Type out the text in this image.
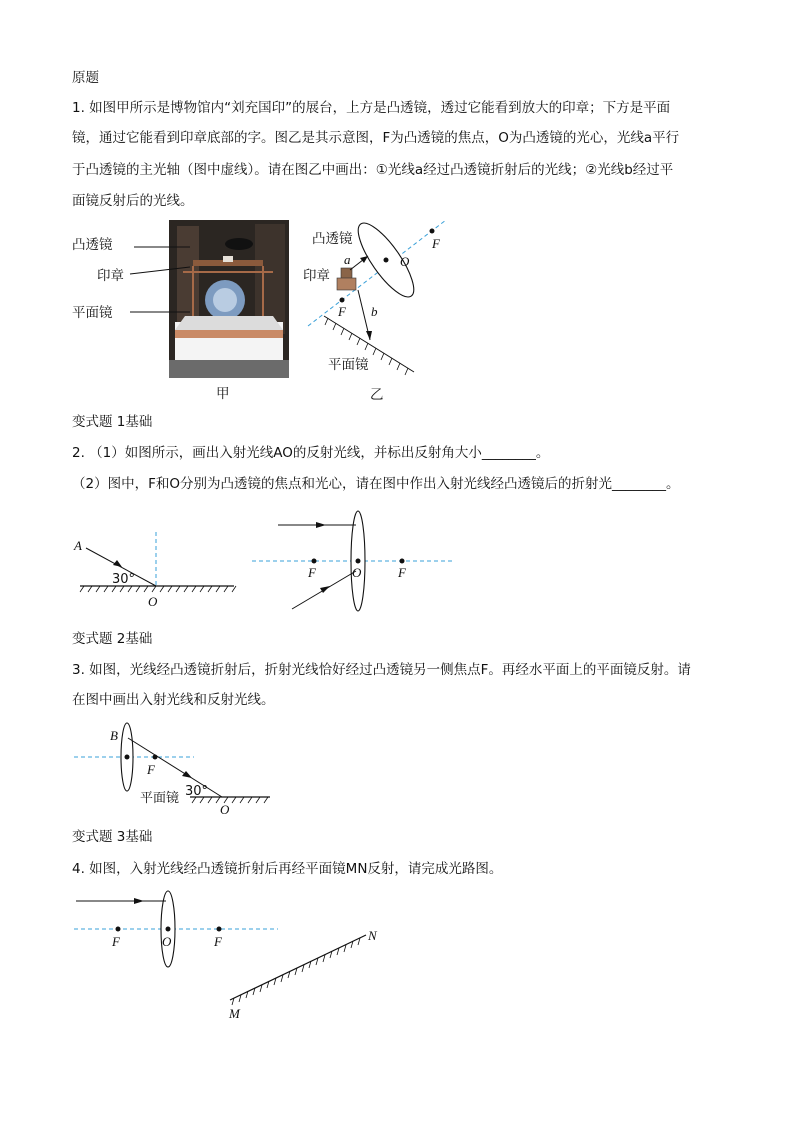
原题
1. 如图甲所示是博物馆内“刘充国印”的展台，上方是凸透镜，透过它能看到放大的印章；下方是平面
镜，通过它能看到印章底部的字。图乙是其示意图，F为凸透镜的焦点，O为凸透镜的光心，光线a平行
于凸透镜的主光轴（图中虚线）。请在图乙中画出：①光线a经过凸透镜折射后的光线；②光线b经过平
面镜反射后的光线。
凸透镜
印章
平面镜
甲
F
O
a
F b
凸透镜
印章
平面镜
乙
变式题 1基础
2. （1）如图所示，画出入射光线AO的反射光线，并标出反射角大小________。
（2）图中，F和O分别为凸透镜的焦点和光心，请在图中作出入射光线经凸透镜后的折射光________。
A
30°
O
F	O	F
变式题 2基础
3. 如图，光线经凸透镜折射后，折射光线恰好经过凸透镜另一侧焦点F。再经水平面上的平面镜反射。请
在图中画出入射光线和反射光线。
B
F
平面镜 30°
O
变式题 3基础
4. 如图，入射光线经凸透镜折射后再经平面镜MN反射，请完成光路图。
F	O	F
M
N
